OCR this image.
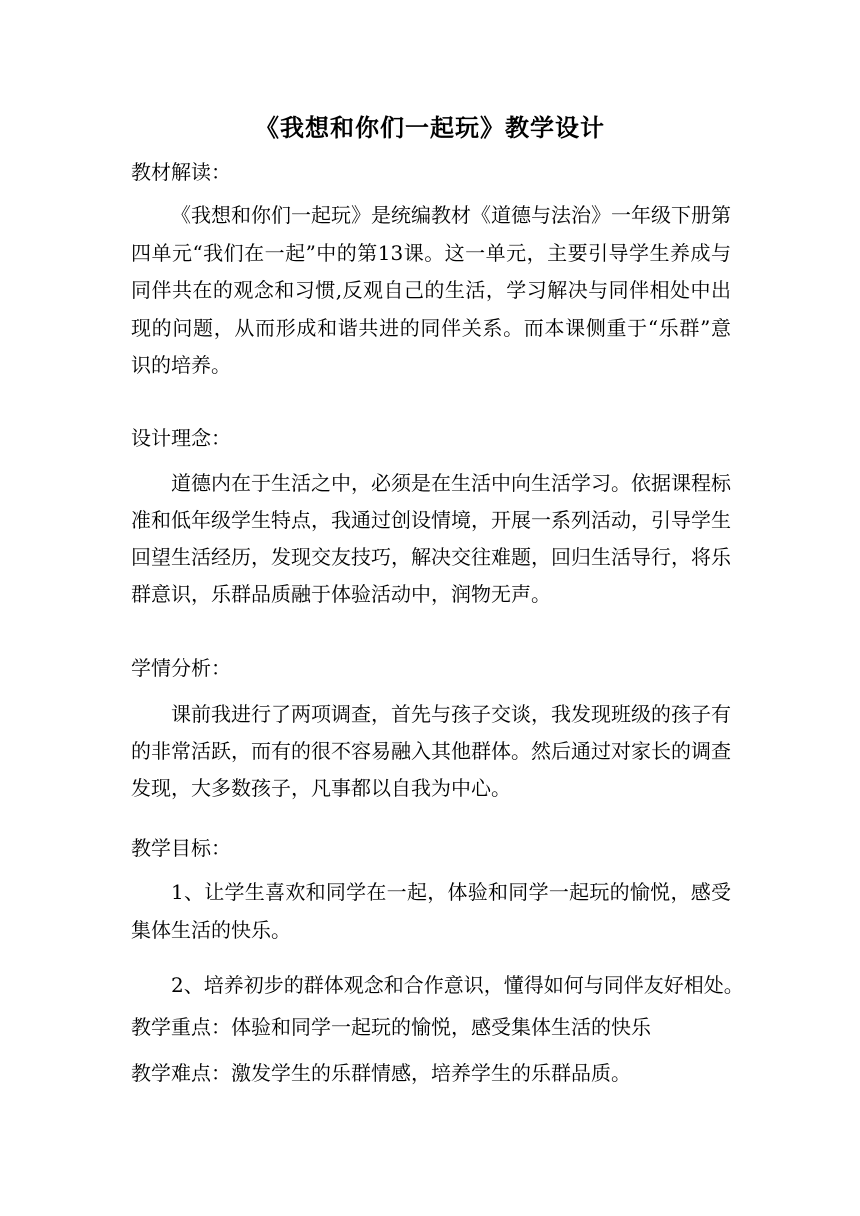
《我想和你们一起玩》教学设计

教材解读：

《我想和你们一起玩》是统编教材《道德与法治》一年级下册第四单元“我们在一起”中的第13课。这一单元，主要引导学生养成与同伴共在的观念和习惯,反观自己的生活，学习解决与同伴相处中出现的问题，从而形成和谐共进的同伴关系。而本课侧重于“乐群”意识的培养。

设计理念：

道德内在于生活之中，必须是在生活中向生活学习。依据课程标准和低年级学生特点，我通过创设情境，开展一系列活动，引导学生回望生活经历，发现交友技巧，解决交往难题，回归生活导行，将乐群意识，乐群品质融于体验活动中，润物无声。

学情分析：

课前我进行了两项调查，首先与孩子交谈，我发现班级的孩子有的非常活跃，而有的很不容易融入其他群体。然后通过对家长的调查发现，大多数孩子，凡事都以自我为中心。

教学目标：

1、让学生喜欢和同学在一起，体验和同学一起玩的愉悦，感受集体生活的快乐。

2、培养初步的群体观念和合作意识，懂得如何与同伴友好相处。

教学重点：体验和同学一起玩的愉悦，感受集体生活的快乐

教学难点：激发学生的乐群情感，培养学生的乐群品质。
